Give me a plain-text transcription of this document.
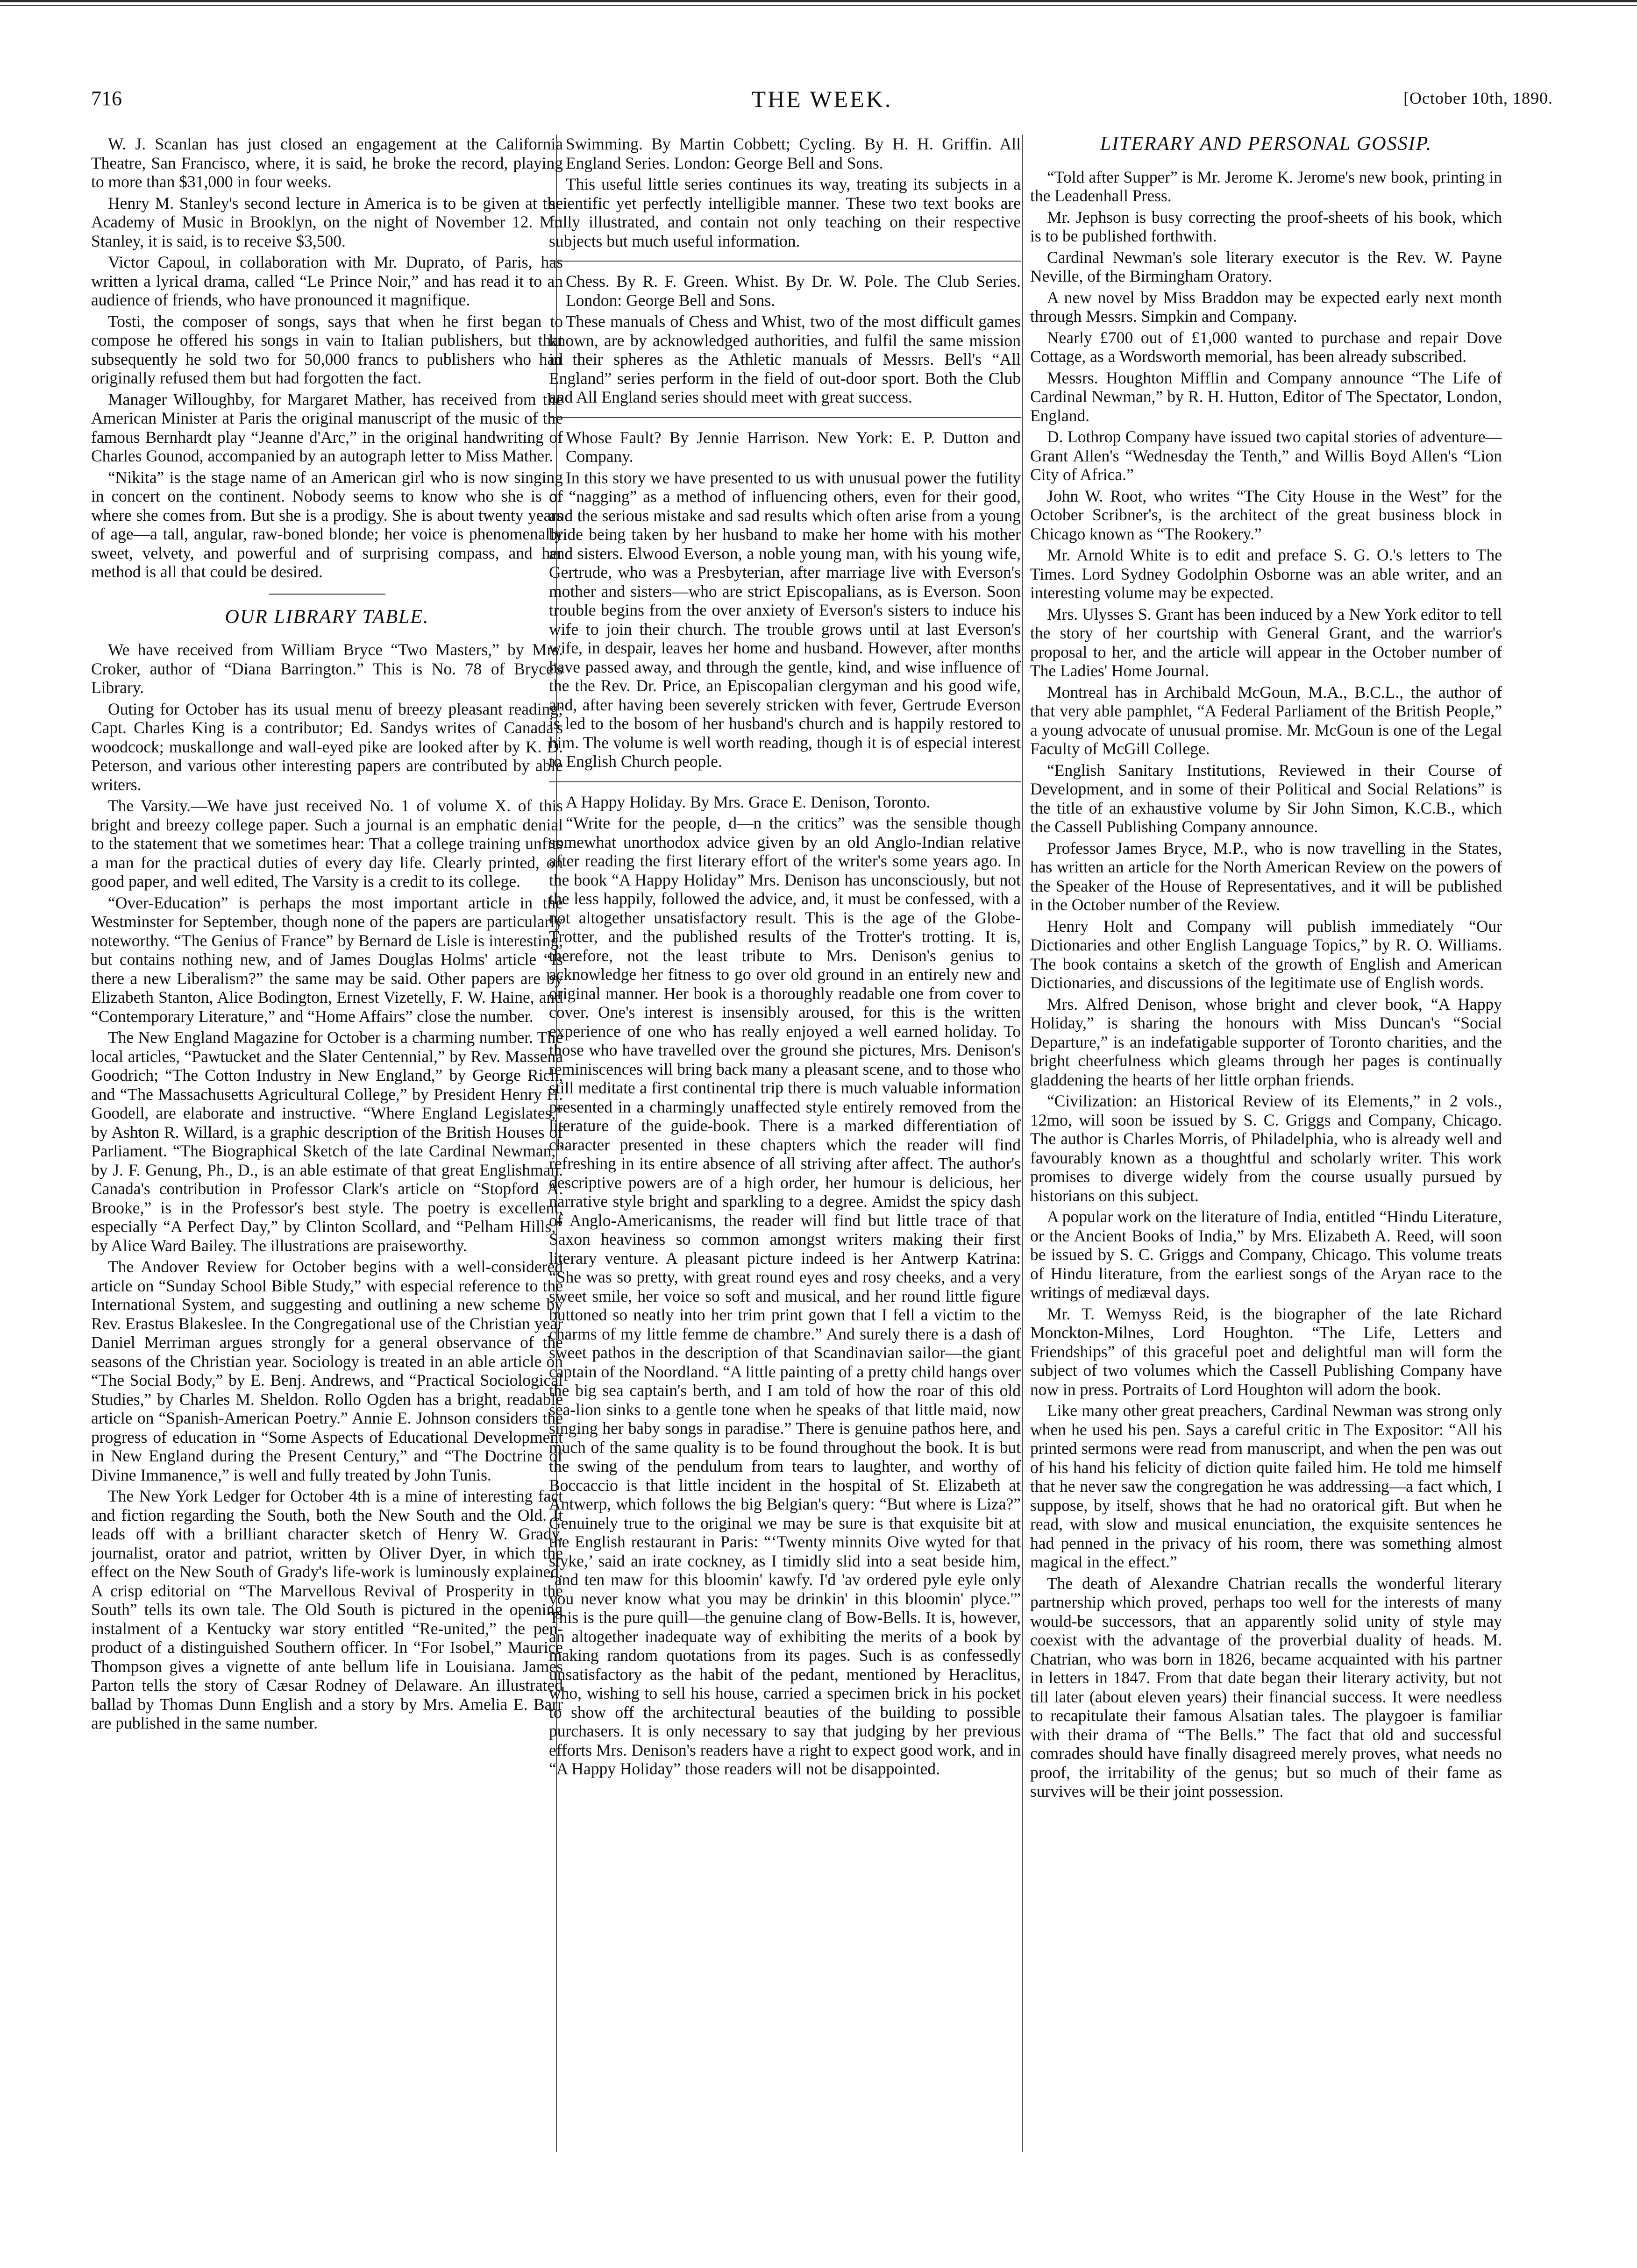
716	THE WEEK.	[October 10th, 1890.

W. J. Scanlan has just closed an engagement at the California Theatre, San Francisco, where, it is said, he broke the record, playing to more than $31,000 in four weeks.

Henry M. Stanley's second lecture in America is to be given at the Academy of Music in Brooklyn, on the night of November 12. Mr. Stanley, it is said, is to receive $3,500.

Victor Capoul, in collaboration with Mr. Duprato, of Paris, has written a lyrical drama, called “Le Prince Noir,” and has read it to an audience of friends, who have pronounced it magnifique.

Tosti, the composer of songs, says that when he first began to compose he offered his songs in vain to Italian publishers, but that subsequently he sold two for 50,000 francs to publishers who had originally refused them but had forgotten the fact.

Manager Willoughby, for Margaret Mather, has received from the American Minister at Paris the original manuscript of the music of the famous Bernhardt play “Jeanne d'Arc,” in the original handwriting of Charles Gounod, accompanied by an autograph letter to Miss Mather.

“Nikita” is the stage name of an American girl who is now singing in concert on the continent. Nobody seems to know who she is or where she comes from. But she is a prodigy. She is about twenty years of age—a tall, angular, raw-boned blonde; her voice is phenomenally sweet, velvety, and powerful and of surprising compass, and her method is all that could be desired.

OUR LIBRARY TABLE.

We have received from William Bryce “Two Masters,” by Mrs. Croker, author of “Diana Barrington.” This is No. 78 of Bryce's Library.

Outing for October has its usual menu of breezy pleasant reading; Capt. Charles King is a contributor; Ed. Sandys writes of Canada's woodcock; muskallonge and wall-eyed pike are looked after by K. D. Peterson, and various other interesting papers are contributed by able writers.

The Varsity.—We have just received No. 1 of volume X. of this bright and breezy college paper. Such a journal is an emphatic denial to the statement that we sometimes hear: That a college training unfits a man for the practical duties of every day life. Clearly printed, on good paper, and well edited, The Varsity is a credit to its college.

“Over-Education” is perhaps the most important article in the Westminster for September, though none of the papers are particularly noteworthy. “The Genius of France” by Bernard de Lisle is interesting, but contains nothing new, and of James Douglas Holms' article “Is there a new Liberalism?” the same may be said. Other papers are by Elizabeth Stanton, Alice Bodington, Ernest Vizetelly, F. W. Haine, and “Contemporary Literature,” and “Home Affairs” close the number.

The New England Magazine for October is a charming number. The local articles, “Pawtucket and the Slater Centennial,” by Rev. Massena Goodrich; “The Cotton Industry in New England,” by George Rich, and “The Massachusetts Agricultural College,” by President Henry H. Goodell, are elaborate and instructive. “Where England Legislates,” by Ashton R. Willard, is a graphic description of the British Houses of Parliament. “The Biographical Sketch of the late Cardinal Newman,” by J. F. Genung, Ph., D., is an able estimate of that great Englishman. Canada's contribution in Professor Clark's article on “Stopford A. Brooke,” is in the Professor's best style. The poetry is excellent, especially “A Perfect Day,” by Clinton Scollard, and “Pelham Hills,” by Alice Ward Bailey. The illustrations are praiseworthy.

The Andover Review for October begins with a well-considered article on “Sunday School Bible Study,” with especial reference to the International System, and suggesting and outlining a new scheme by Rev. Erastus Blakeslee. In the Congregational use of the Christian year Daniel Merriman argues strongly for a general observance of the seasons of the Christian year. Sociology is treated in an able article on “The Social Body,” by E. Benj. Andrews, and “Practical Sociological Studies,” by Charles M. Sheldon. Rollo Ogden has a bright, readable article on “Spanish-American Poetry.” Annie E. Johnson considers the progress of education in “Some Aspects of Educational Development in New England during the Present Century,” and “The Doctrine of Divine Immanence,” is well and fully treated by John Tunis.

The New York Ledger for October 4th is a mine of interesting fact and fiction regarding the South, both the New South and the Old. It leads off with a brilliant character sketch of Henry W. Grady, journalist, orator and patriot, written by Oliver Dyer, in which the effect on the New South of Grady's life-work is luminously explained. A crisp editorial on “The Marvellous Revival of Prosperity in the South” tells its own tale. The Old South is pictured in the opening instalment of a Kentucky war story entitled “Re-united,” the pen-product of a distinguished Southern officer. In “For Isobel,” Maurice Thompson gives a vignette of ante bellum life in Louisiana. James Parton tells the story of Cæsar Rodney of Delaware. An illustrated ballad by Thomas Dunn English and a story by Mrs. Amelia E. Barr are published in the same number.

Swimming. By Martin Cobbett; Cycling. By H. H. Griffin. All England Series. London: George Bell and Sons.

This useful little series continues its way, treating its subjects in a scientific yet perfectly intelligible manner. These two text books are fully illustrated, and contain not only teaching on their respective subjects but much useful information.

Chess. By R. F. Green. Whist. By Dr. W. Pole. The Club Series. London: George Bell and Sons.

These manuals of Chess and Whist, two of the most difficult games known, are by acknowledged authorities, and fulfil the same mission in their spheres as the Athletic manuals of Messrs. Bell's “All England” series perform in the field of out-door sport. Both the Club and All England series should meet with great success.

Whose Fault? By Jennie Harrison. New York: E. P. Dutton and Company.

In this story we have presented to us with unusual power the futility of “nagging” as a method of influencing others, even for their good, and the serious mistake and sad results which often arise from a young bride being taken by her husband to make her home with his mother and sisters. Elwood Everson, a noble young man, with his young wife, Gertrude, who was a Presbyterian, after marriage live with Everson's mother and sisters—who are strict Episcopalians, as is Everson. Soon trouble begins from the over anxiety of Everson's sisters to induce his wife to join their church. The trouble grows until at last Everson's wife, in despair, leaves her home and husband. However, after months have passed away, and through the gentle, kind, and wise influence of the the Rev. Dr. Price, an Episcopalian clergyman and his good wife, and, after having been severely stricken with fever, Gertrude Everson is led to the bosom of her husband's church and is happily restored to him. The volume is well worth reading, though it is of especial interest to English Church people.

A Happy Holiday. By Mrs. Grace E. Denison, Toronto.

“Write for the people, d—n the critics” was the sensible though somewhat unorthodox advice given by an old Anglo-Indian relative after reading the first literary effort of the writer's some years ago. In the book “A Happy Holiday” Mrs. Denison has unconsciously, but not the less happily, followed the advice, and, it must be confessed, with a not altogether unsatisfactory result. This is the age of the Globe-Trotter, and the published results of the Trotter's trotting. It is, therefore, not the least tribute to Mrs. Denison's genius to acknowledge her fitness to go over old ground in an entirely new and original manner. Her book is a thoroughly readable one from cover to cover. One's interest is insensibly aroused, for this is the written experience of one who has really enjoyed a well earned holiday. To those who have travelled over the ground she pictures, Mrs. Denison's reminiscences will bring back many a pleasant scene, and to those who still meditate a first continental trip there is much valuable information presented in a charmingly unaffected style entirely removed from the literature of the guide-book. There is a marked differentiation of character presented in these chapters which the reader will find refreshing in its entire absence of all striving after affect. The author's descriptive powers are of a high order, her humour is delicious, her narrative style bright and sparkling to a degree. Amidst the spicy dash of Anglo-Americanisms, the reader will find but little trace of that Saxon heaviness so common amongst writers making their first literary venture. A pleasant picture indeed is her Antwerp Katrina: “She was so pretty, with great round eyes and rosy cheeks, and a very sweet smile, her voice so soft and musical, and her round little figure buttoned so neatly into her trim print gown that I fell a victim to the charms of my little femme de chambre.” And surely there is a dash of sweet pathos in the description of that Scandinavian sailor—the giant captain of the Noordland. “A little painting of a pretty child hangs over the big sea captain's berth, and I am told of how the roar of this old sea-lion sinks to a gentle tone when he speaks of that little maid, now singing her baby songs in paradise.” There is genuine pathos here, and much of the same quality is to be found throughout the book. It is but the swing of the pendulum from tears to laughter, and worthy of Boccaccio is that little incident in the hospital of St. Elizabeth at Antwerp, which follows the big Belgian's query: “But where is Liza?” Genuinely true to the original we may be sure is that exquisite bit at the English restaurant in Paris: “‘Twenty minnits Oive wyted for that styke,’ said an irate cockney, as I timidly slid into a seat beside him, ‘and ten maw for this bloomin' kawfy. I'd 'av ordered pyle eyle only you never know what you may be drinkin' in this bloomin' plyce.'” This is the pure quill—the genuine clang of Bow-Bells. It is, however, an altogether inadequate way of exhibiting the merits of a book by making random quotations from its pages. Such is as confessedly unsatisfactory as the habit of the pedant, mentioned by Heraclitus, who, wishing to sell his house, carried a specimen brick in his pocket to show off the architectural beauties of the building to possible purchasers. It is only necessary to say that judging by her previous efforts Mrs. Denison's readers have a right to expect good work, and in “A Happy Holiday” those readers will not be disappointed.

LITERARY AND PERSONAL GOSSIP.

“Told after Supper” is Mr. Jerome K. Jerome's new book, printing in the Leadenhall Press.

Mr. Jephson is busy correcting the proof-sheets of his book, which is to be published forthwith.

Cardinal Newman's sole literary executor is the Rev. W. Payne Neville, of the Birmingham Oratory.

A new novel by Miss Braddon may be expected early next month through Messrs. Simpkin and Company.

Nearly £700 out of £1,000 wanted to purchase and repair Dove Cottage, as a Wordsworth memorial, has been already subscribed.

Messrs. Houghton Mifflin and Company announce “The Life of Cardinal Newman,” by R. H. Hutton, Editor of The Spectator, London, England.

D. Lothrop Company have issued two capital stories of adventure—Grant Allen's “Wednesday the Tenth,” and Willis Boyd Allen's “Lion City of Africa.”

John W. Root, who writes “The City House in the West” for the October Scribner's, is the architect of the great business block in Chicago known as “The Rookery.”

Mr. Arnold White is to edit and preface S. G. O.'s letters to The Times. Lord Sydney Godolphin Osborne was an able writer, and an interesting volume may be expected.

Mrs. Ulysses S. Grant has been induced by a New York editor to tell the story of her courtship with General Grant, and the warrior's proposal to her, and the article will appear in the October number of The Ladies' Home Journal.

Montreal has in Archibald McGoun, M.A., B.C.L., the author of that very able pamphlet, “A Federal Parliament of the British People,” a young advocate of unusual promise. Mr. McGoun is one of the Legal Faculty of McGill College.

“English Sanitary Institutions, Reviewed in their Course of Development, and in some of their Political and Social Relations” is the title of an exhaustive volume by Sir John Simon, K.C.B., which the Cassell Publishing Company announce.

Professor James Bryce, M.P., who is now travelling in the States, has written an article for the North American Review on the powers of the Speaker of the House of Representatives, and it will be published in the October number of the Review.

Henry Holt and Company will publish immediately “Our Dictionaries and other English Language Topics,” by R. O. Williams. The book contains a sketch of the growth of English and American Dictionaries, and discussions of the legitimate use of English words.

Mrs. Alfred Denison, whose bright and clever book, “A Happy Holiday,” is sharing the honours with Miss Duncan's “Social Departure,” is an indefatigable supporter of Toronto charities, and the bright cheerfulness which gleams through her pages is continually gladdening the hearts of her little orphan friends.

“Civilization: an Historical Review of its Elements,” in 2 vols., 12mo, will soon be issued by S. C. Griggs and Company, Chicago. The author is Charles Morris, of Philadelphia, who is already well and favourably known as a thoughtful and scholarly writer. This work promises to diverge widely from the course usually pursued by historians on this subject.

A popular work on the literature of India, entitled “Hindu Literature, or the Ancient Books of India,” by Mrs. Elizabeth A. Reed, will soon be issued by S. C. Griggs and Company, Chicago. This volume treats of Hindu literature, from the earliest songs of the Aryan race to the writings of mediæval days.

Mr. T. Wemyss Reid, is the biographer of the late Richard Monckton-Milnes, Lord Houghton. “The Life, Letters and Friendships” of this graceful poet and delightful man will form the subject of two volumes which the Cassell Publishing Company have now in press. Portraits of Lord Houghton will adorn the book.

Like many other great preachers, Cardinal Newman was strong only when he used his pen. Says a careful critic in The Expositor: “All his printed sermons were read from manuscript, and when the pen was out of his hand his felicity of diction quite failed him. He told me himself that he never saw the congregation he was addressing—a fact which, I suppose, by itself, shows that he had no oratorical gift. But when he read, with slow and musical enunciation, the exquisite sentences he had penned in the privacy of his room, there was something almost magical in the effect.”

The death of Alexandre Chatrian recalls the wonderful literary partnership which proved, perhaps too well for the interests of many would-be successors, that an apparently solid unity of style may coexist with the advantage of the proverbial duality of heads. M. Chatrian, who was born in 1826, became acquainted with his partner in letters in 1847. From that date began their literary activity, but not till later (about eleven years) their financial success. It were needless to recapitulate their famous Alsatian tales. The playgoer is familiar with their drama of “The Bells.” The fact that old and successful comrades should have finally disagreed merely proves, what needs no proof, the irritability of the genus; but so much of their fame as survives will be their joint possession.
